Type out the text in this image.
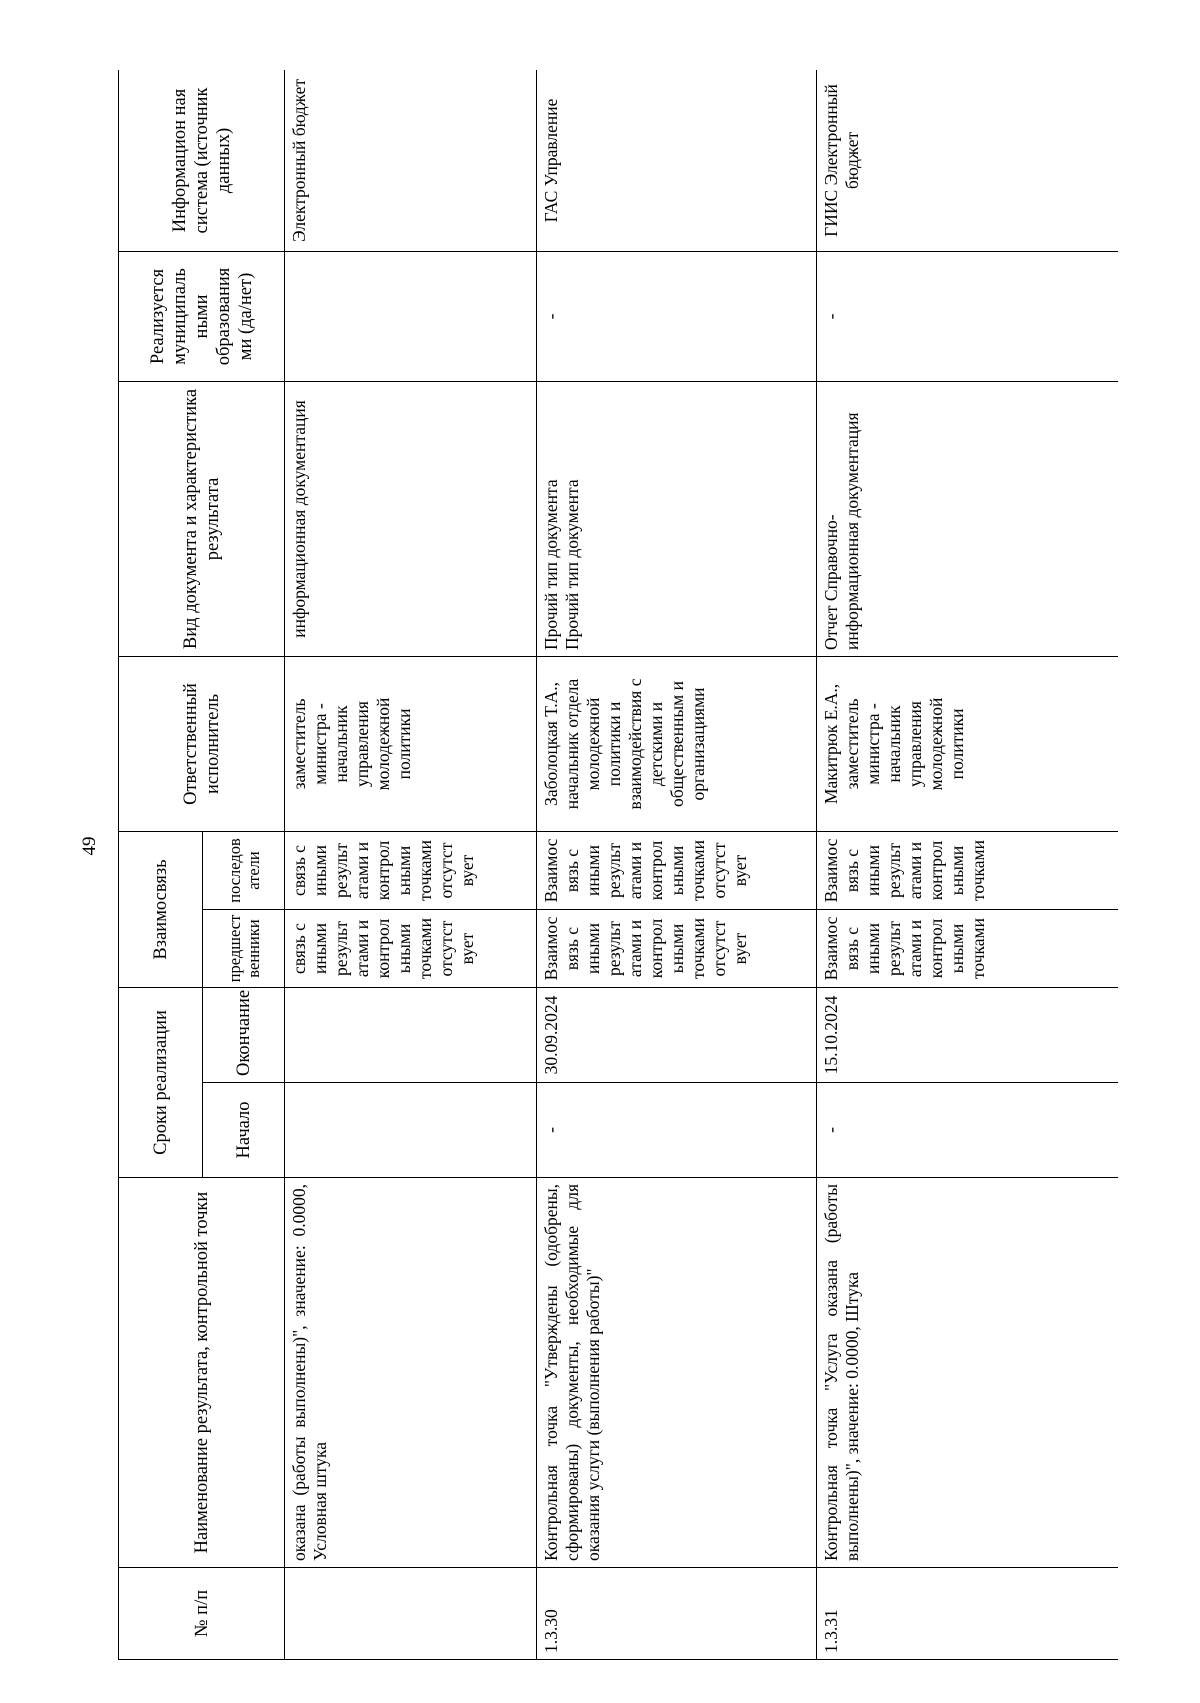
49
№ п/п	Наименование результата, контрольной точки	Сроки реализации		Взаимосвязь		Ответственный исполнитель	Вид документа и характеристика результата	Реализуется муниципаль ными образования ми (да/нет)	Информацион ная система (источник данных)
		Начало	Окончание	предшест венники	последов атели				
	оказана (работы выполнены)", значение: 0.0000, Условная штука			связь с иными результ атами и контрол ьными точками отсутст вует	связь с иными результ атами и контрол ьными точками отсутст вует	заместитель министра - начальник управления молодежной политики	информационная документация		Электронный бюджет
1.3.30	Контрольная точка "Утверждены (одобрены, сформированы) документы, необходимые для оказания услуги (выполнения работы)"	-	30.09.2024	Взаимос вязь с иными результ атами и контрол ьными точками отсутст вует	Взаимос вязь с иными результ атами и контрол ьными точками отсутст вует	Заболоцкая Т.А., начальник отдела молодежной политики и взаимодействия с детскими и общественным и организациями	Прочий тип документа Прочий тип документа	-	ГАС Управление
1.3.31	Контрольная точка "Услуга оказана (работы выполнены)", значение: 0.0000, Штука	-	15.10.2024	Взаимос вязь с иными результ атами и контрол ьными точками	Взаимос вязь с иными результ атами и контрол ьными точками	Макитрюк Е.А., заместитель министра - начальник управления молодежной политики	Отчет Справочно-информационная документация	-	ГИИС Электронный бюджет
